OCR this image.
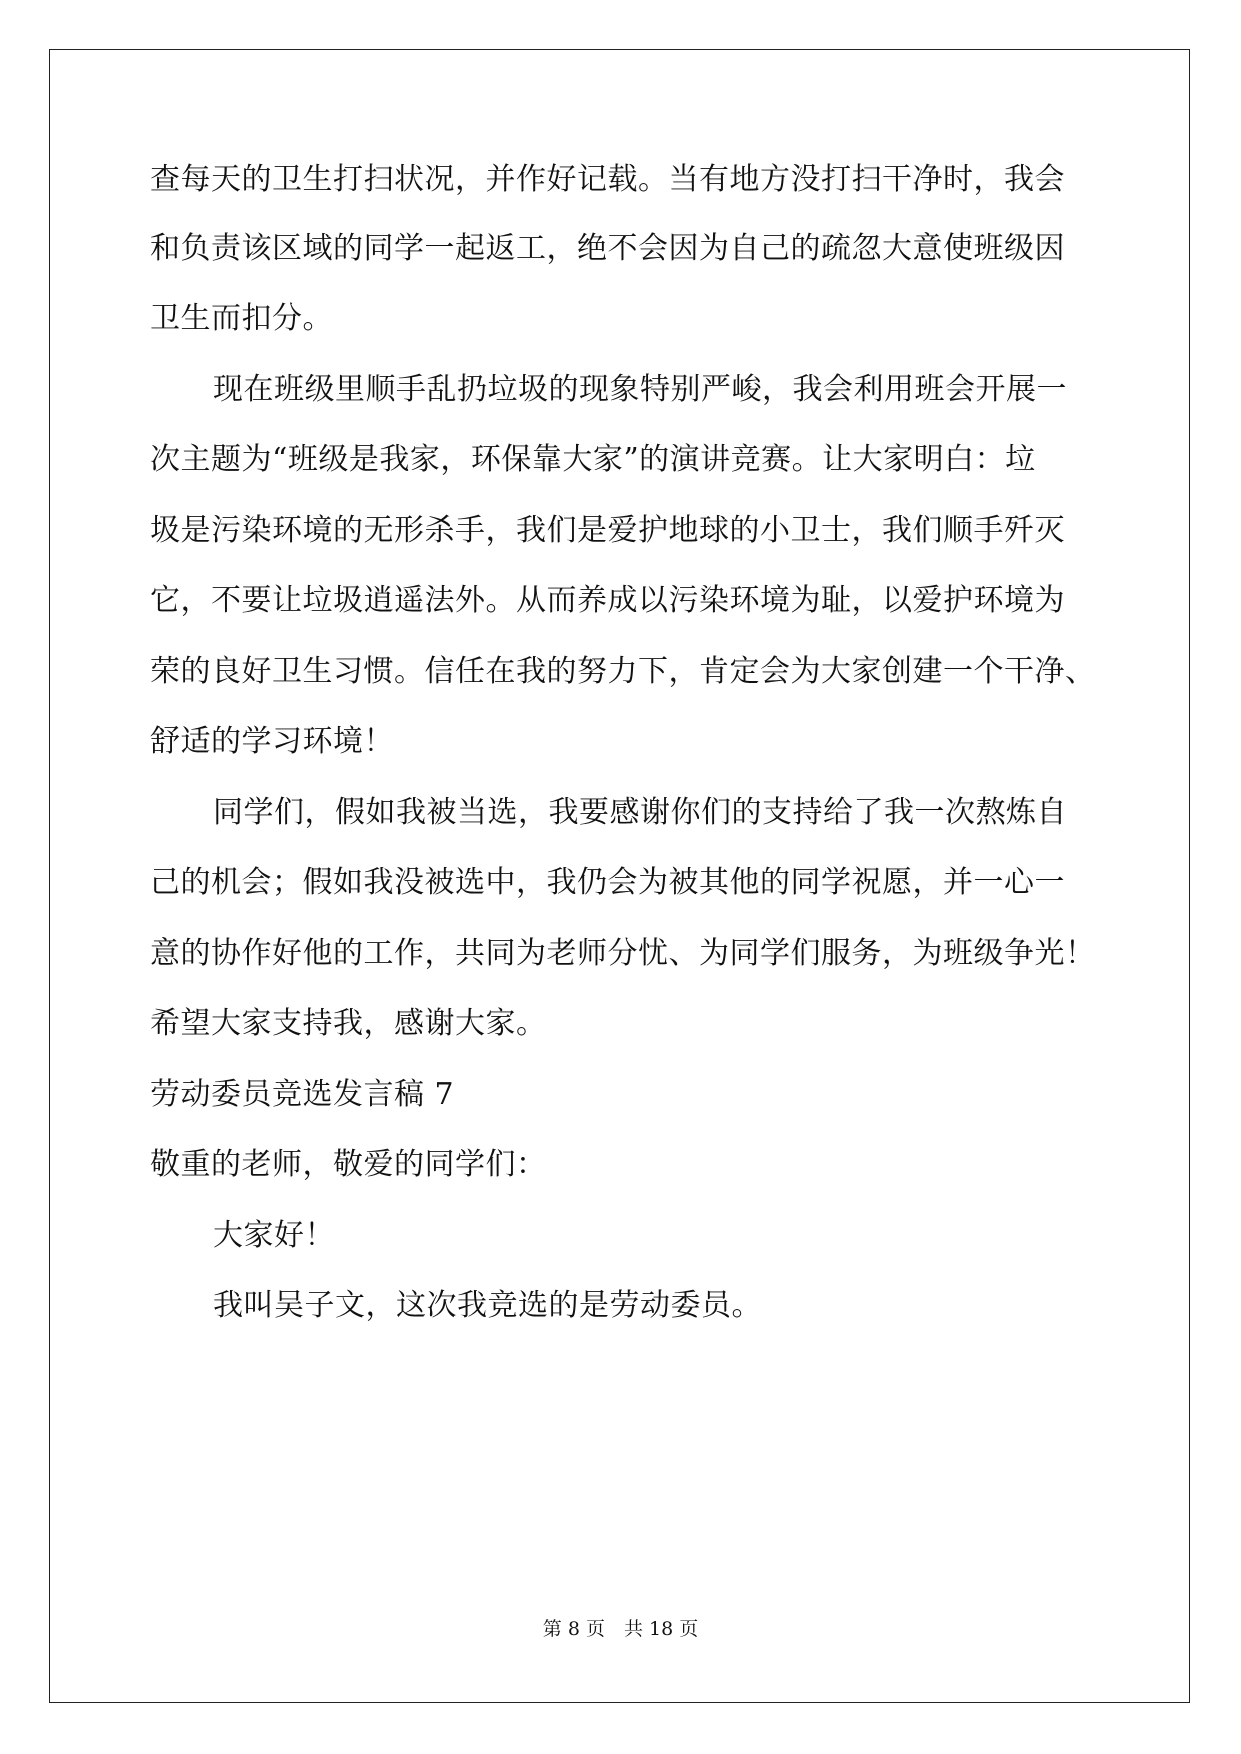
查每天的卫生打扫状况，并作好记载。当有地方没打扫干净时，我会
和负责该区域的同学一起返工，绝不会因为自己的疏忽大意使班级因
卫生而扣分。
现在班级里顺手乱扔垃圾的现象特别严峻，我会利用班会开展一
次主题为“班级是我家，环保靠大家”的演讲竞赛。让大家明白：垃
圾是污染环境的无形杀手，我们是爱护地球的小卫士，我们顺手歼灭
它，不要让垃圾逍遥法外。从而养成以污染环境为耻，以爱护环境为
荣的良好卫生习惯。信任在我的努力下，肯定会为大家创建一个干净、
舒适的学习环境！
同学们，假如我被当选，我要感谢你们的支持给了我一次熬炼自
己的机会；假如我没被选中，我仍会为被其他的同学祝愿，并一心一
意的协作好他的工作，共同为老师分忧、为同学们服务，为班级争光！
希望大家支持我，感谢大家。
劳动委员竞选发言稿 7
敬重的老师，敬爱的同学们：
大家好！
我叫吴子文，这次我竞选的是劳动委员。
第 8 页　共 18 页
